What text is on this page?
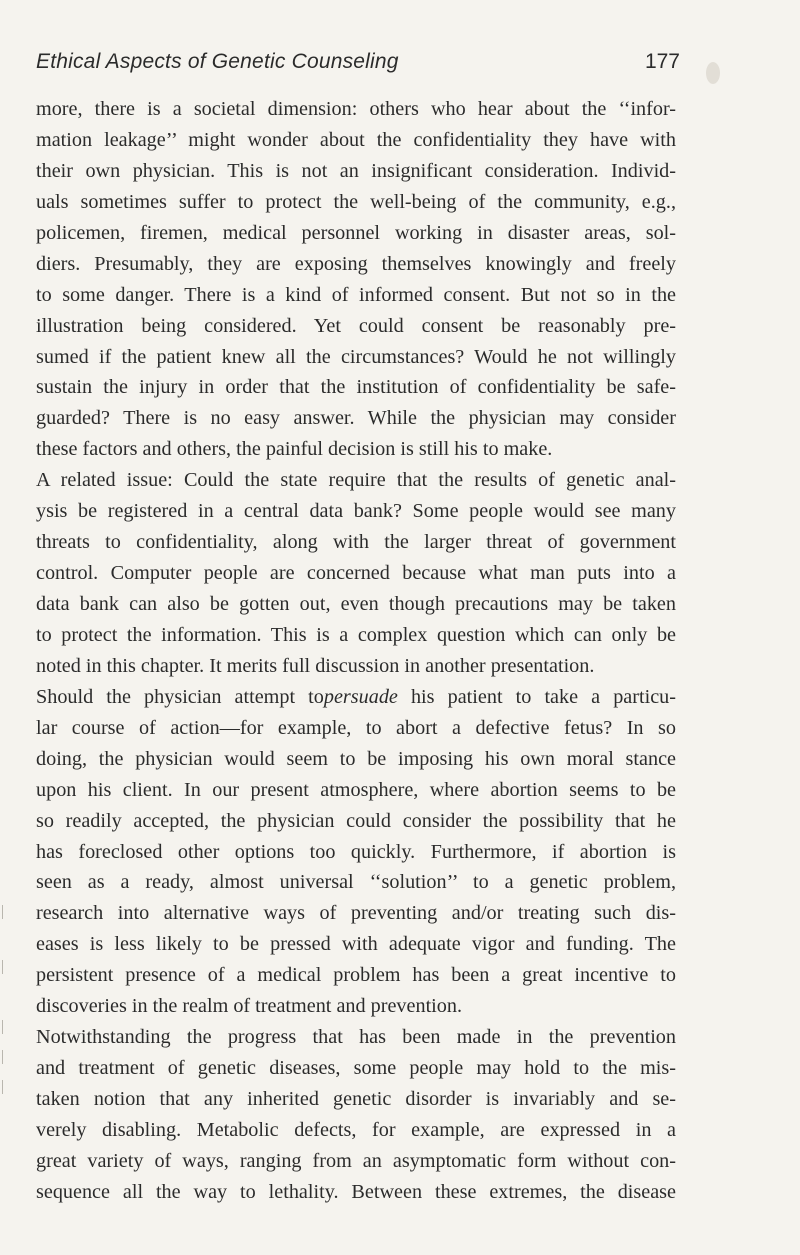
Ethical Aspects of Genetic Counseling	177
more, there is a societal dimension: others who hear about the ‘‘infor-
mation leakage’’ might wonder about the confidentiality they have with
their own physician. This is not an insignificant consideration. Individ-
uals sometimes suffer to protect the well-being of the community, e.g.,
policemen, firemen, medical personnel working in disaster areas, sol-
diers. Presumably, they are exposing themselves knowingly and freely
to some danger. There is a kind of informed consent. But not so in the
illustration being considered. Yet could consent be reasonably pre-
sumed if the patient knew all the circumstances? Would he not willingly
sustain the injury in order that the institution of confidentiality be safe-
guarded? There is no easy answer. While the physician may consider
these factors and others, the painful decision is still his to make.
A related issue: Could the state require that the results of genetic anal-
ysis be registered in a central data bank? Some people would see many
threats to confidentiality, along with the larger threat of government
control. Computer people are concerned because what man puts into a
data bank can also be gotten out, even though precautions may be taken
to protect the information. This is a complex question which can only be
noted in this chapter. It merits full discussion in another presentation.
Should the physician attempt topersuade his patient to take a particu-
lar course of action—for example, to abort a defective fetus? In so
doing, the physician would seem to be imposing his own moral stance
upon his client. In our present atmosphere, where abortion seems to be
so readily accepted, the physician could consider the possibility that he
has foreclosed other options too quickly. Furthermore, if abortion is
seen as a ready, almost universal ‘‘solution’’ to a genetic problem,
research into alternative ways of preventing and/or treating such dis-
eases is less likely to be pressed with adequate vigor and funding. The
persistent presence of a medical problem has been a great incentive to
discoveries in the realm of treatment and prevention.
Notwithstanding the progress that has been made in the prevention
and treatment of genetic diseases, some people may hold to the mis-
taken notion that any inherited genetic disorder is invariably and se-
verely disabling. Metabolic defects, for example, are expressed in a
great variety of ways, ranging from an asymptomatic form without con-
sequence all the way to lethality. Between these extremes, the disease
